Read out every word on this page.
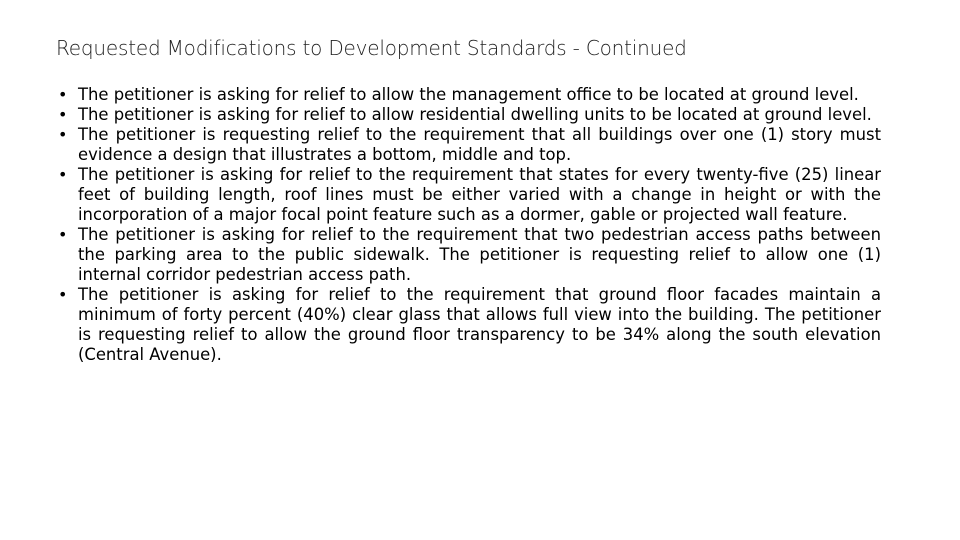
Requested Modifications to Development Standards - Continued
• The petitioner is asking for relief to allow the management office to be located at ground level.
• The petitioner is asking for relief to allow residential dwelling units to be located at ground level.
• The petitioner is requesting relief to the requirement that all buildings over one (1) story must evidence a design that illustrates a bottom, middle and top.
• The petitioner is asking for relief to the requirement that states for every twenty-five (25) linear feet of building length, roof lines must be either varied with a change in height or with the incorporation of a major focal point feature such as a dormer, gable or projected wall feature.
• The petitioner is asking for relief to the requirement that two pedestrian access paths between the parking area to the public sidewalk. The petitioner is requesting relief to allow one (1) internal corridor pedestrian access path.
• The petitioner is asking for relief to the requirement that ground floor facades maintain a minimum of forty percent (40%) clear glass that allows full view into the building. The petitioner is requesting relief to allow the ground floor transparency to be 34% along the south elevation (Central Avenue).
